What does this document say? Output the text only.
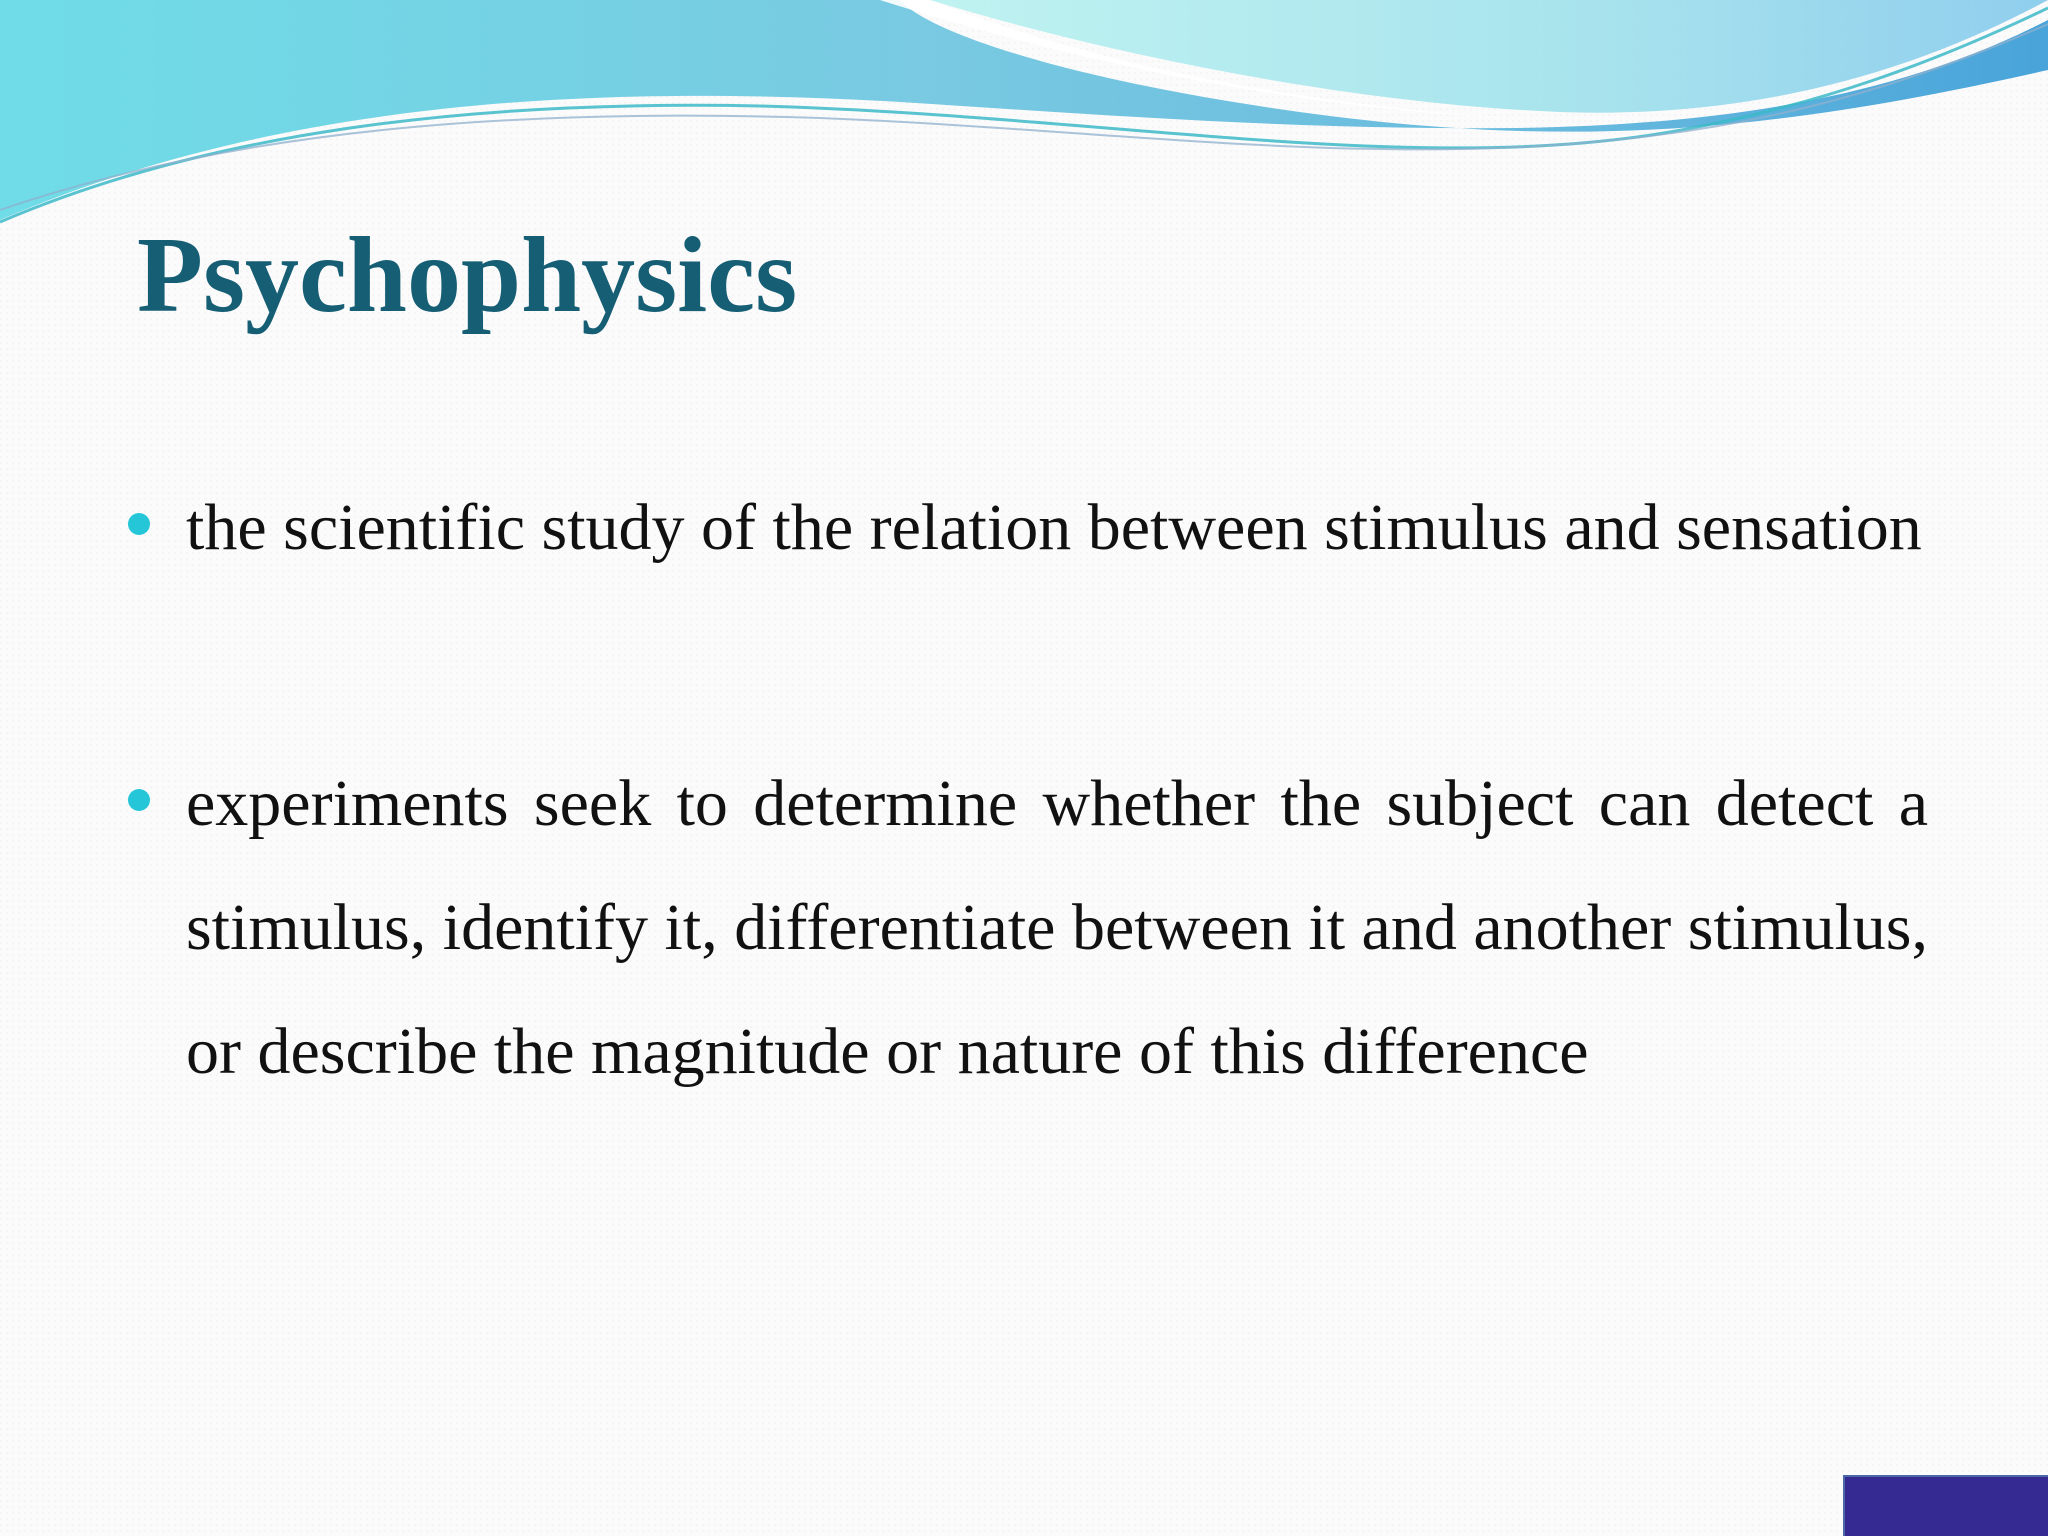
Psychophysics
the scientific study of the relation between stimulus and sensation
experiments seek to determine whether the subject can detect a stimulus, identify it, differentiate between it and another stimulus, or describe the magnitude or nature of this difference
